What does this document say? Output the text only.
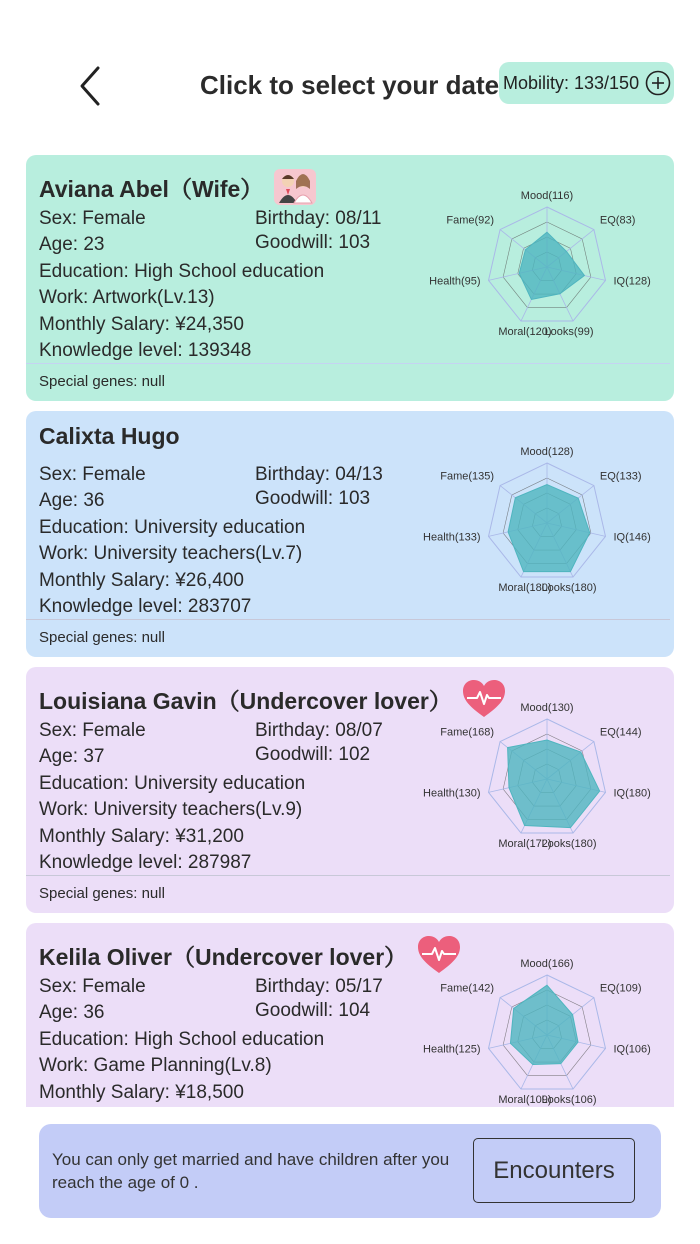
Click to select your date Mobility: 133/150
Aviana Abel（Wife）
Sex: Female	Birthday: 08/11
Age: 23	Goodwill: 103
Education: High School education
Work: Artwork(Lv.13)
Monthly Salary: ¥24,350
Knowledge level: 139348
Special genes: null
Mood(116)
EQ(83)
IQ(128)
Looks(99)
Moral(120)
Health(95)
Fame(92)
Calixta Hugo
Sex: Female	Birthday: 04/13
Age: 36	Goodwill: 103
Education: University education
Work: University teachers(Lv.7)
Monthly Salary: ¥26,400
Knowledge level: 283707
Special genes: null
Mood(128)
EQ(133)
IQ(146)
Looks(180)
Moral(180)
Health(133)
Fame(135)
Louisiana Gavin（Undercover lover）
Sex: Female	Birthday: 08/07
Age: 37	Goodwill: 102
Education: University education
Work: University teachers(Lv.9)
Monthly Salary: ¥31,200
Knowledge level: 287987
Special genes: null
Mood(130)
EQ(144)
IQ(180)
Looks(180)
Moral(172)
Health(130)
Fame(168)
Kelila Oliver（Undercover lover）
Sex: Female	Birthday: 05/17
Age: 36	Goodwill: 104
Education: High School education
Work: Game Planning(Lv.8)
Monthly Salary: ¥18,500
Mood(166)
EQ(109)
IQ(106)
Looks(106)
Moral(109)
Health(125)
Fame(142)
You can only get married and have children after you reach the age of 0 .	Encounters
